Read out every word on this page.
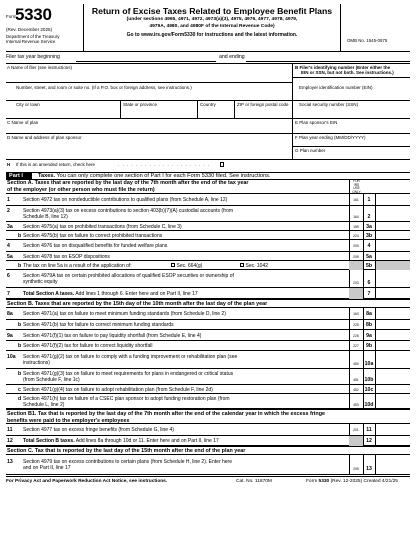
Form
5330
(Rev. December 2025)
Department of the Treasury
Internal Revenue Service
Return of Excise Taxes Related to Employee Benefit Plans
(under sections 4965, 4971, 4972, 4973(a)(3), 4975, 4976, 4977, 4978, 4979,
4979A, 4980, and 4980F of the Internal Revenue Code)
Go to www.irs.gov/Form5330 for instructions and the latest information.
OMB No. 1545-0575
Filer tax year beginning	and ending
A Name of filer (see instructions)	B Filer's identifying number (Enter either the
EIN or SSN, but not both. See instructions.)
Number, street, and room or suite no. (If a P.O. box or foreign address, see instructions.)	Employer identification number (EIN)
City or town	State or province	Country	ZIP or foreign postal code Social security number (SSN)
C Name of plan	E Plan sponsor's EIN
D Name and address of plan sponsor	F Plan year ending (MM/DD/YYYY)
G Plan number
H If this is an amended return, check here	. . . . . . . . . . . . . . . . . . . . .
Part I	Taxes. You can only complete one section of Part I for each Form 5330 filed. See instructions.
Section A. Taxes that are reported by the last day of the 7th month after the end of the tax year
of the employer (or other person who must file the return)
FOR
IRS
USE
ONLY
1	Section 4972 tax on nondeductible contributions to qualified plans (from Schedule A, line 12)	161	1
2	Section 4973(a)(3) tax on excess contributions to section 403(b)(7)(A) custodial accounts (from
Schedule B, line 12)	164	2
3a Section 4975(a) tax on prohibited transactions (from Schedule C, line 3)	159	3a
b Section 4975(b) tax on failure to correct prohibited transactions	224	3b
4	Section 4976 tax on disqualified benefits for funded welfare plans	200	4
5a Section 4978 tax on ESOP dispositions	209	5a
b The tax on line 5a is a result of the application of:	Sec. 664(g)	Sec. 1042	5b
6	Section 4979A tax on certain prohibited allocations of qualified ESOP securities or ownership of
synthetic equity	203	6
7	Total Section A taxes. Add lines 1 through 6. Enter here and on Part II, line 17	7
Section B. Taxes that are reported by the 15th day of the 10th month after the last day of the plan year
8a Section 4971(a) tax on failure to meet minimum funding standards (from Schedule D, line 2)	163	8a
b Section 4971(b) tax for failure to correct minimum funding standards	225	8b
9a Section 4971(f)(1) tax on failure to pay liquidity shortfall (from Schedule E, line 4)	226	9a
b Section 4971(f)(2) tax for failure to correct liquidity shortfall	227	9b
10a Section 4971(g)(2) tax on failure to comply with a funding improvement or rehabilitation plan (see
instructions)	450	10a
b Section 4971(g)(3) tax on failure to meet requirements for plans in endangered or critical status
(from Schedule F, line 1c)	451	10b
c Section 4971(g)(4) tax on failure to adopt rehabilitation plan (from Schedule F, line 2d)	452	10c
d Section 4971(h) tax on failure of a CSEC plan sponsor to adopt funding restoration plan (from
Schedule L, line 2)	453	10d
Section B1. Tax that is reported by the last day of the 7th month after the end of the calendar year in which the excess fringe
benefits were paid to the employer's employees
11 Section 4977 tax on excess fringe benefits (from Schedule G, line 4)	201	11
12 Total Section B taxes. Add lines 8a through 10d or 11. Enter here and on Part II, line 17	12
Section C. Tax that is reported by the last day of the 15th month after the end of the plan year
13 Section 4979 tax on excess contributions to certain plans (from Schedule H, line 2). Enter here
and on Part II, line 17	205	13
For Privacy Act and Paperwork Reduction Act Notice, see instructions.	Cat. No. 11870M	Form 5330 (Rev. 12-2025) Created 4/21/25
